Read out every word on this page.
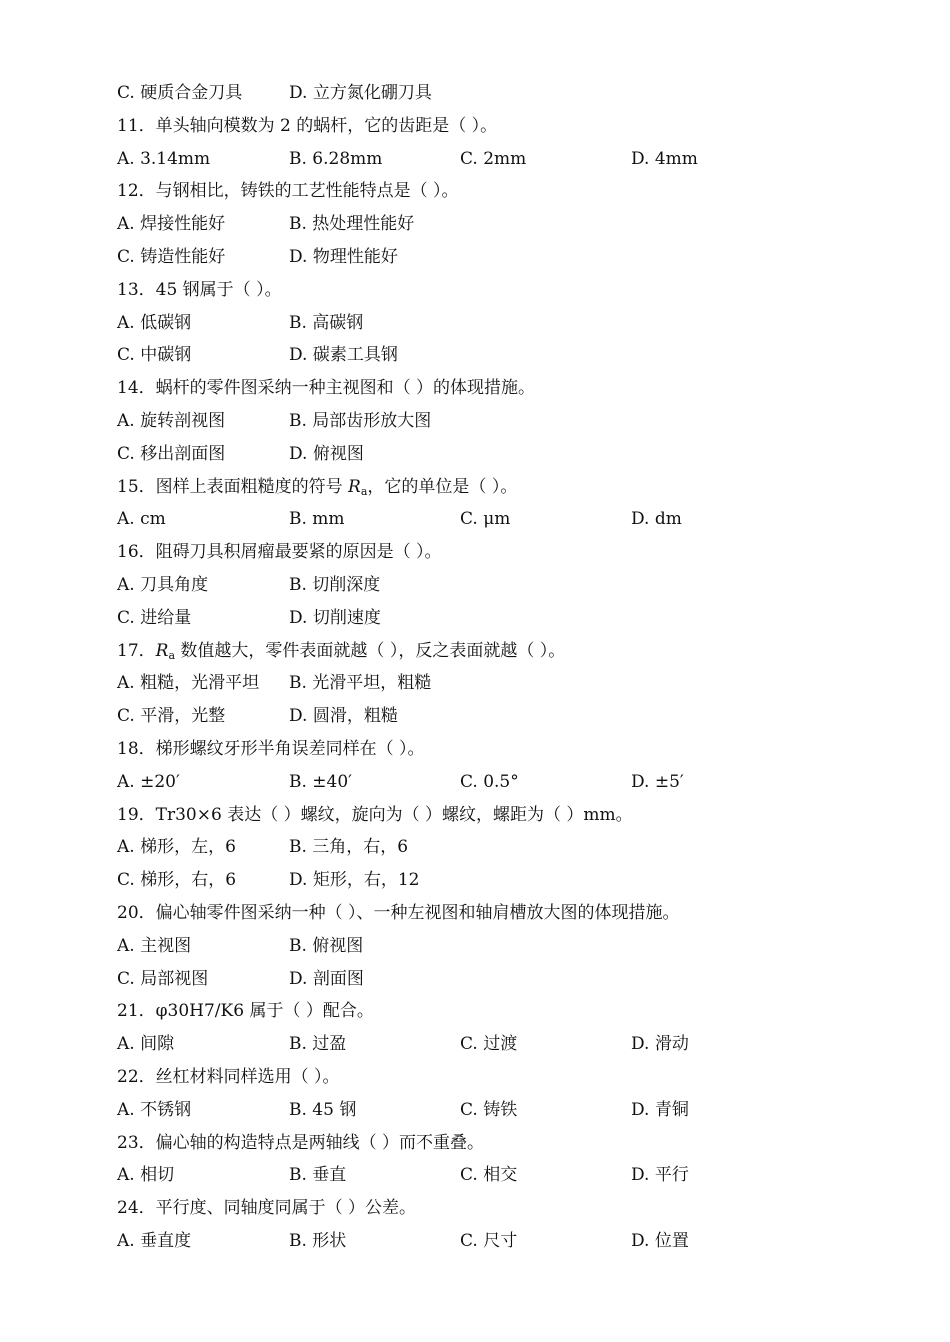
C. 硬质合金刀具	D. 立方氮化硼刀具
11．单头轴向模数为 2 的蜗杆，它的齿距是（ ）。
A. 3.14mm	B. 6.28mm	C. 2mm	D. 4mm
12．与钢相比，铸铁的工艺性能特点是（ ）。
A. 焊接性能好	B. 热处理性能好
C. 铸造性能好	D. 物理性能好
13．45 钢属于（ ）。
A. 低碳钢	B. 高碳钢
C. 中碳钢	D. 碳素工具钢
14．蜗杆的零件图采纳一种主视图和（ ）的体现措施。
A. 旋转剖视图	B. 局部齿形放大图
C. 移出剖面图	D. 俯视图
15．图样上表面粗糙度的符号 $R_a$，它的单位是（ ）。
A. cm	B. mm	C. μm	D. dm
16．阻碍刀具积屑瘤最要紧的原因是（ ）。
A. 刀具角度	B. 切削深度
C. 进给量	D. 切削速度
17．$R_a$ 数值越大，零件表面就越（ ），反之表面就越（ ）。
A. 粗糙，光滑平坦 B. 光滑平坦，粗糙
C. 平滑，光整	D. 圆滑，粗糙
18．梯形螺纹牙形半角误差同样在（ ）。
A. ±20′	B. ±40′	C. 0.5°	D. ±5′
19．Tr30×6 表达（ ）螺纹，旋向为（ ）螺纹，螺距为（ ）mm。
A. 梯形，左，6	B. 三角，右，6
C. 梯形，右，6	D. 矩形，右，12
20．偏心轴零件图采纳一种（ ）、一种左视图和轴肩槽放大图的体现措施。
A. 主视图	B. 俯视图
C. 局部视图	D. 剖面图
21．φ30H7/K6 属于（ ）配合。
A. 间隙	B. 过盈	C. 过渡	D. 滑动
22．丝杠材料同样选用（ ）。
A. 不锈钢	B. 45 钢	C. 铸铁	D. 青铜
23．偏心轴的构造特点是两轴线（ ）而不重叠。
A. 相切	B. 垂直	C. 相交	D. 平行
24．平行度、同轴度同属于（ ）公差。
A. 垂直度	B. 形状	C. 尺寸	D. 位置
